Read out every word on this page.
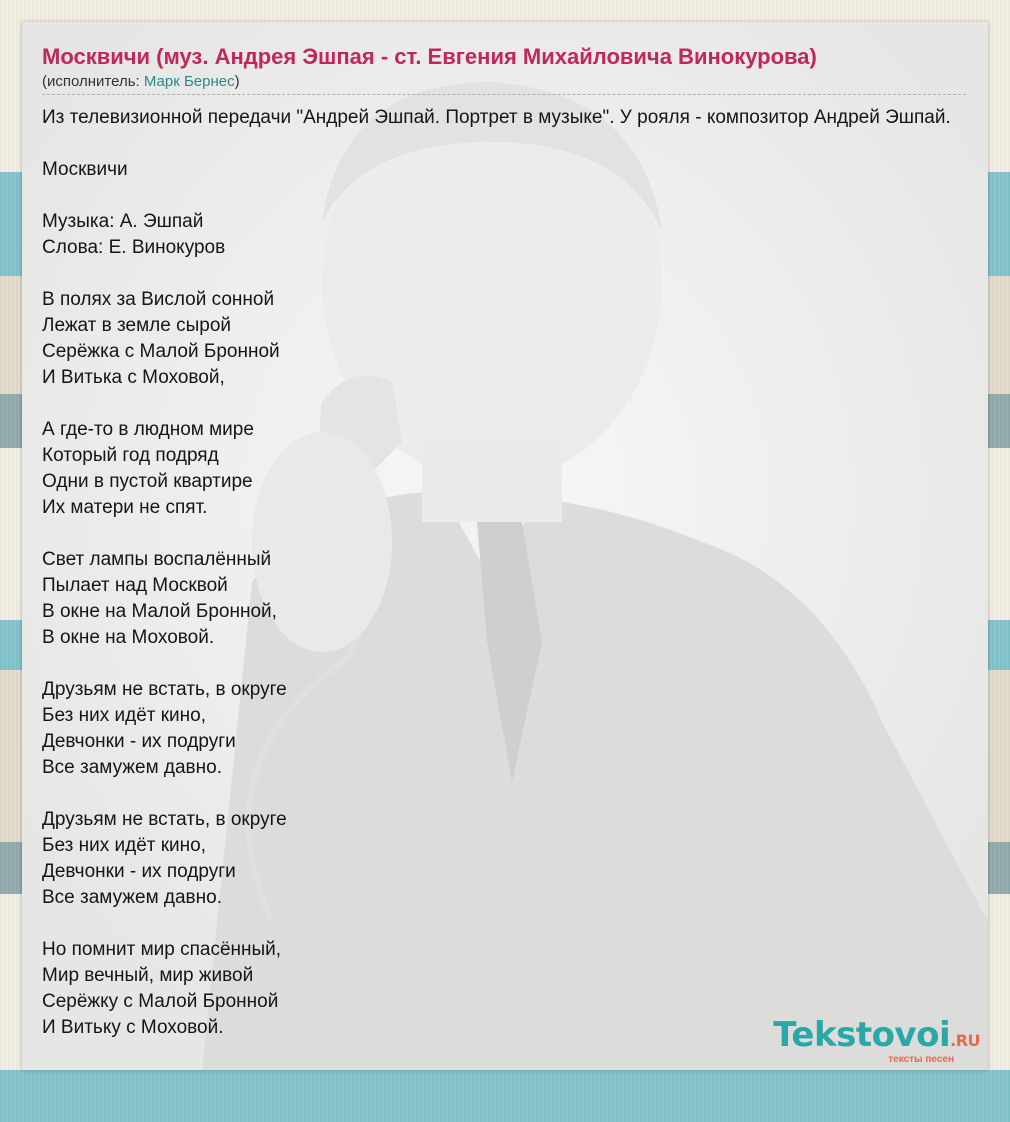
Москвичи (муз. Андрея Эшпая - ст. Евгения Михайловича Винокурова)
(исполнитель: Марк Бернес)
Из телевизионной передачи "Андрей Эшпай. Портрет в музыке". У рояля - композитор Андрей Эшпай.
Москвичи
Музыка: А. Эшпай
Слова: Е. Винокуров
В полях за Вислой сонной
Лежат в земле сырой
Серёжка с Малой Бронной
И Витька с Моховой,
А где-то в людном мире
Который год подряд
Одни в пустой квартире
Их матери не спят.
Свет лампы воспалённый
Пылает над Москвой
В окне на Малой Бронной,
В окне на Моховой.
Друзьям не встать, в округе
Без них идёт кино,
Девчонки - их подруги
Все замужем давно.
Друзьям не встать, в округе
Без них идёт кино,
Девчонки - их подруги
Все замужем давно.
Но помнит мир спасённый,
Мир вечный, мир живой
Серёжку с Малой Бронной
И Витьку с Моховой.	Tekstovoi.RU
тексты песен
